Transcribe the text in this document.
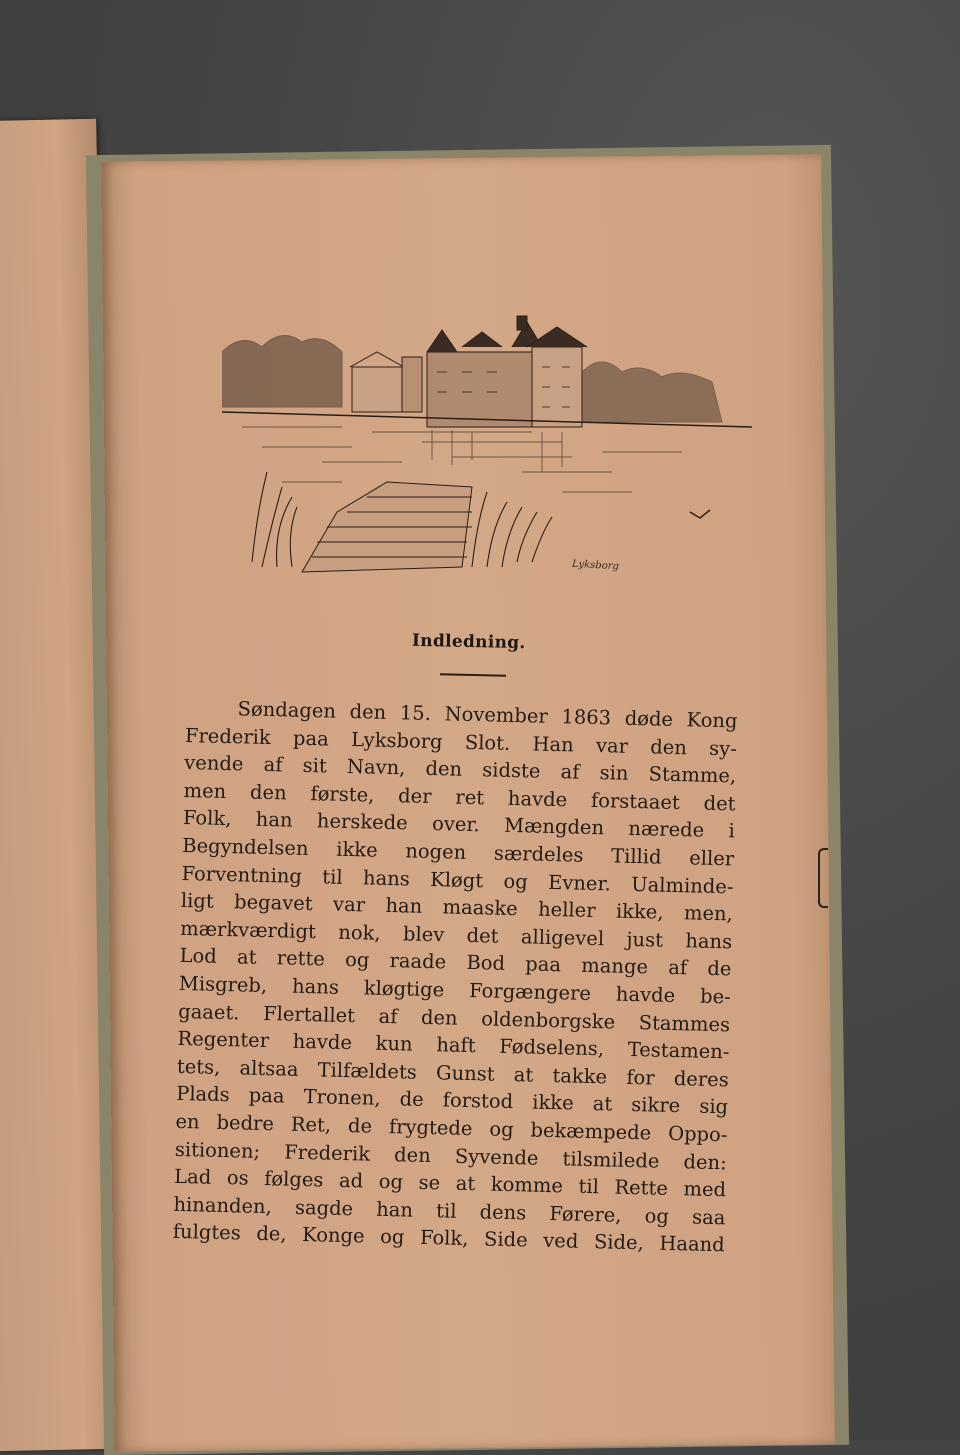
Lyksborg
Indledning.
Søndagen den 15. November 1863 døde Kong
Frederik paa Lyksborg Slot. Han var den sy-
vende af sit Navn, den sidste af sin Stamme,
men den første, der ret havde forstaaet det
Folk, han herskede over. Mængden nærede i
Begyndelsen ikke nogen særdeles Tillid eller
Forventning til hans Kløgt og Evner. Ualminde-
ligt begavet var han maaske heller ikke, men,
mærkværdigt nok, blev det alligevel just hans
Lod at rette og raade Bod paa mange af de
Misgreb, hans kløgtige Forgængere havde be-
gaaet. Flertallet af den oldenborgske Stammes
Regenter havde kun haft Fødselens, Testamen-
tets, altsaa Tilfældets Gunst at takke for deres
Plads paa Tronen, de forstod ikke at sikre sig
en bedre Ret, de frygtede og bekæmpede Oppo-
sitionen; Frederik den Syvende tilsmilede den:
Lad os følges ad og se at komme til Rette med
hinanden, sagde han til dens Førere, og saa
fulgtes de, Konge og Folk, Side ved Side, Haand
